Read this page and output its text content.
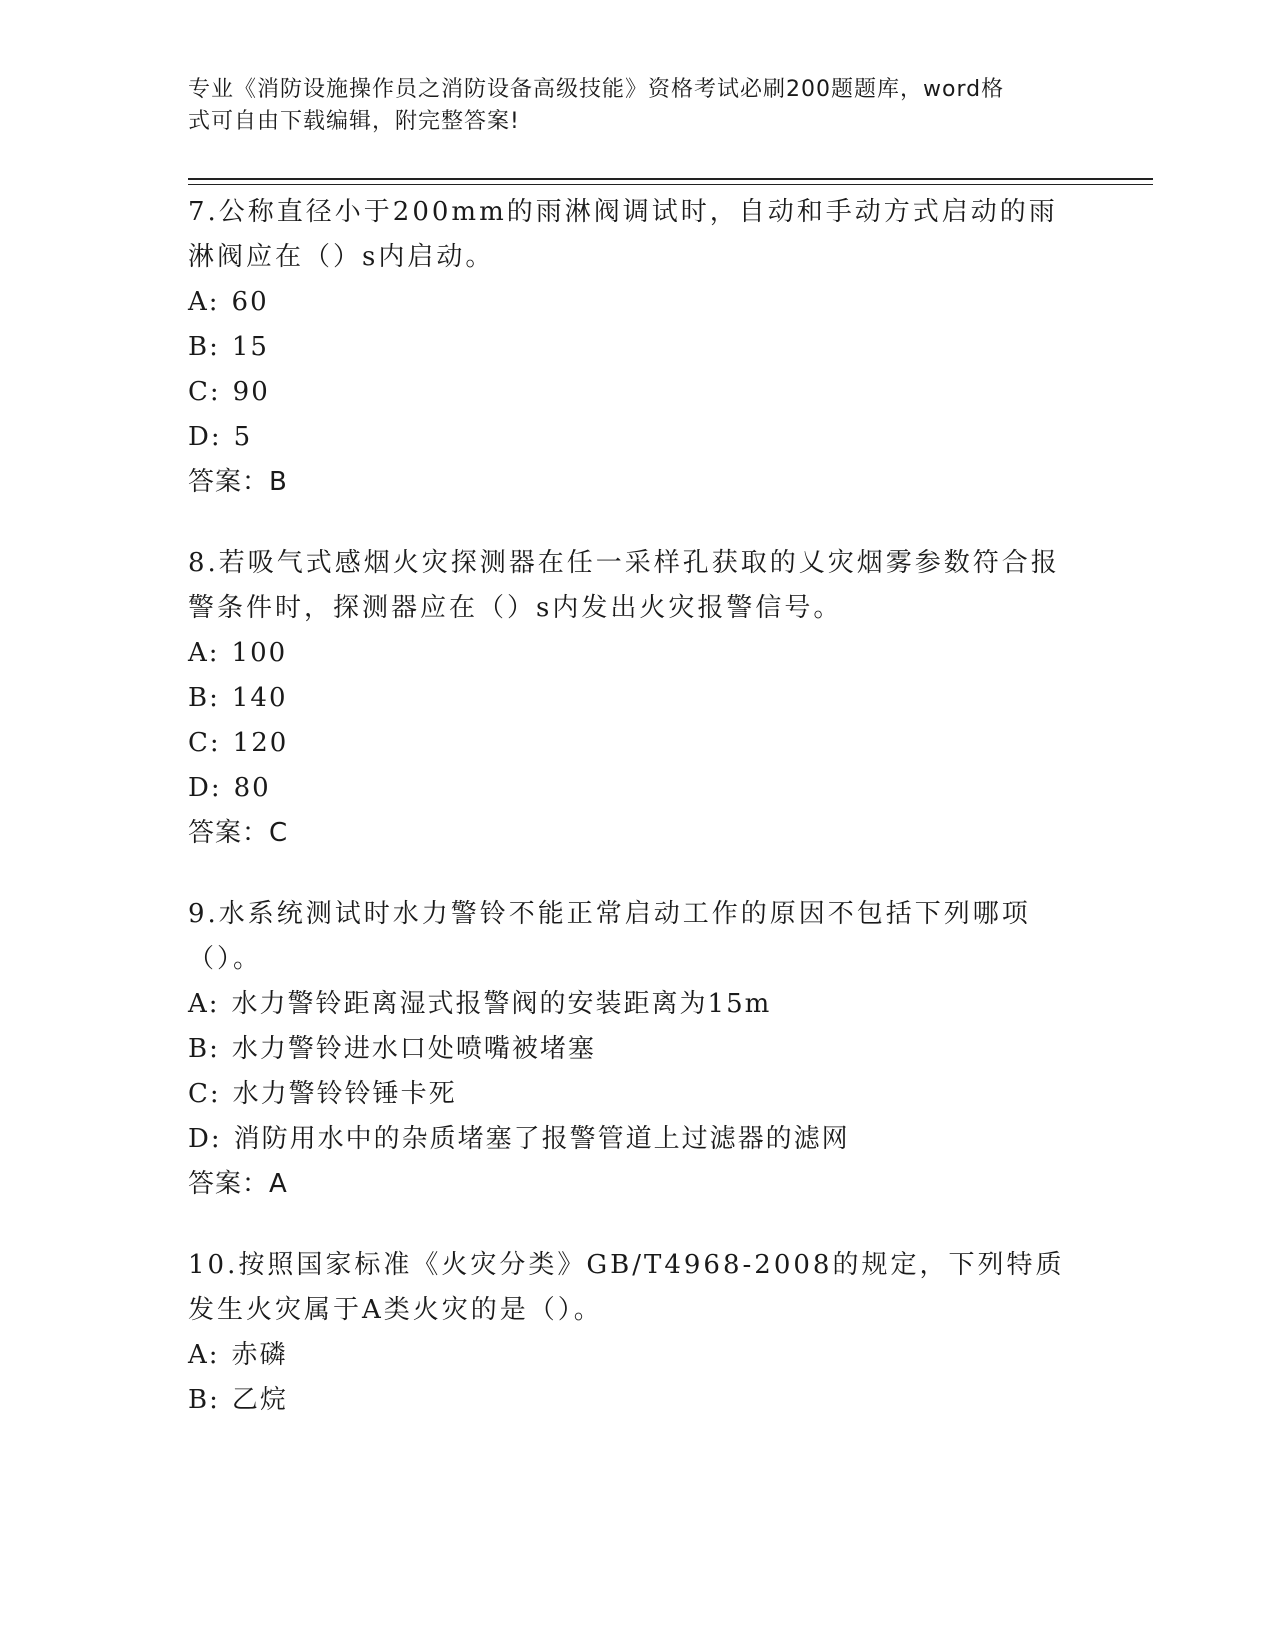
专业《消防设施操作员之消防设备高级技能》资格考试必刷200题题库，word格
式可自由下载编辑，附完整答案!
7.公称直径小于200mm的雨淋阀调试时，自动和手动方式启动的雨淋阀应在（）s内启动。
A: 60
B: 15
C: 90
D: 5
答案：B
8.若吸气式感烟火灾探测器在任一采样孔获取的乂灾烟雾参数符合报警条件时，探测器应在（）s内发出火灾报警信号。
A: 100
B: 140
C: 120
D: 80
答案：C
9.水系统测试时水力警铃不能正常启动工作的原因不包括下列哪项（）。
A: 水力警铃距离湿式报警阀的安装距离为15m
B: 水力警铃进水口处喷嘴被堵塞
C: 水力警铃铃锤卡死
D: 消防用水中的杂质堵塞了报警管道上过滤器的滤网
答案：A
10.按照国家标准《火灾分类》GB/T4968-2008的规定，下列特质发生火灾属于A类火灾的是（）。
A: 赤磷
B: 乙烷
